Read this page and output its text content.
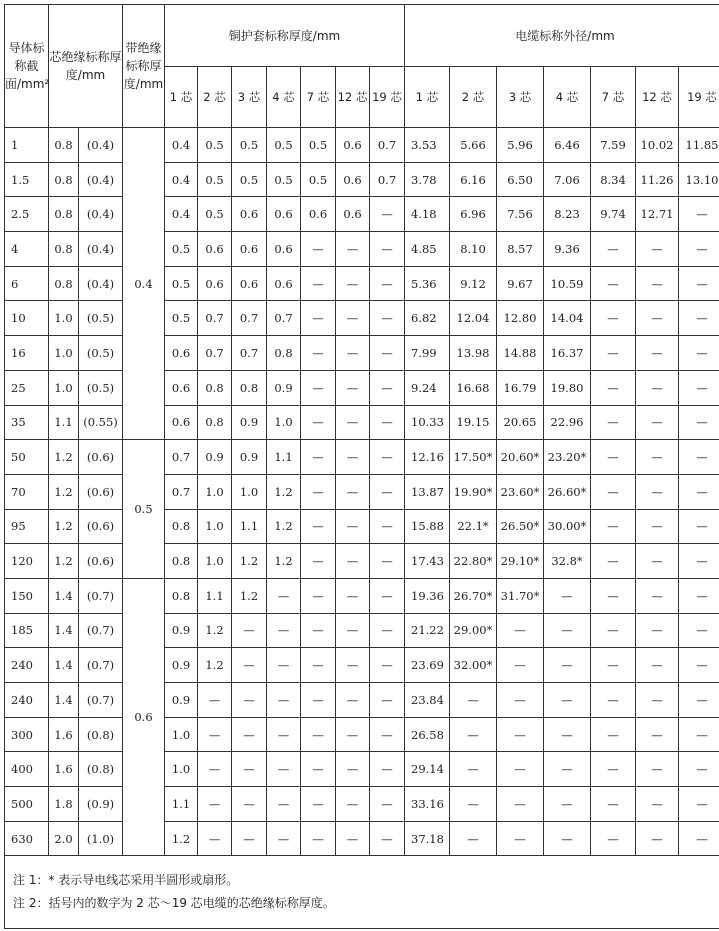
导体标称截面/mm²	芯绝缘标称厚度/mm		带绝缘标称厚度/mm	铜护套标称厚度/mm							电缆标称外径/mm						
				1 芯	2 芯	3 芯	4 芯	7 芯	12 芯	19 芯	1 芯	2 芯	3 芯	4 芯	7 芯	12 芯	19 芯
1	0.8	(0.4)	0.4	0.4	0.5	0.5	0.5	0.5	0.6	0.7	3.53	5.66	5.96	6.46	7.59	10.02	11.85
1.5	0.8	(0.4)		0.4	0.5	0.5	0.5	0.5	0.6	0.7	3.78	6.16	6.50	7.06	8.34	11.26	13.10
2.5	0.8	(0.4)		0.4	0.5	0.6	0.6	0.6	0.6	—	4.18	6.96	7.56	8.23	9.74	12.71	—
4	0.8	(0.4)		0.5	0.6	0.6	0.6	—	—	—	4.85	8.10	8.57	9.36	—	—	—
6	0.8	(0.4)		0.5	0.6	0.6	0.6	—	—	—	5.36	9.12	9.67	10.59	—	—	—
10	1.0	(0.5)		0.5	0.7	0.7	0.7	—	—	—	6.82	12.04	12.80	14.04	—	—	—
16	1.0	(0.5)		0.6	0.7	0.7	0.8	—	—	—	7.99	13.98	14.88	16.37	—	—	—
25	1.0	(0.5)		0.6	0.8	0.8	0.9	—	—	—	9.24	16.68	16.79	19.80	—	—	—
35	1.1	(0.55)		0.6	0.8	0.9	1.0	—	—	—	10.33	19.15	20.65	22.96	—	—	—
50	1.2	(0.6)	0.5	0.7	0.9	0.9	1.1	—	—	—	12.16	17.50*	20.60*	23.20*	—	—	—
70	1.2	(0.6)		0.7	1.0	1.0	1.2	—	—	—	13.87	19.90*	23.60*	26.60*	—	—	—
95	1.2	(0.6)		0.8	1.0	1.1	1.2	—	—	—	15.88	22.1*	26.50*	30.00*	—	—	—
120	1.2	(0.6)		0.8	1.0	1.2	1.2	—	—	—	17.43	22.80*	29.10*	32.8*	—	—	—
150	1.4	(0.7)	0.6	0.8	1.1	1.2	—	—	—	—	19.36	26.70*	31.70*	—	—	—	—
185	1.4	(0.7)		0.9	1.2	—	—	—	—	—	21.22	29.00*	—	—	—	—	—
240	1.4	(0.7)		0.9	1.2	—	—	—	—	—	23.69	32.00*	—	—	—	—	—
240	1.4	(0.7)		0.9	—	—	—	—	—	—	23.84	—	—	—	—	—	—
300	1.6	(0.8)		1.0	—	—	—	—	—	—	26.58	—	—	—	—	—	—
400	1.6	(0.8)		1.0	—	—	—	—	—	—	29.14	—	—	—	—	—	—
500	1.8	(0.9)		1.1	—	—	—	—	—	—	33.16	—	—	—	—	—	—
630	2.0	(1.0)		1.2	—	—	—	—	—	—	37.18	—	—	—	—	—	—

注 1：* 表示导电线芯采用半圆形或扇形。
注 2：括号内的数字为 2 芯～19 芯电缆的芯绝缘标称厚度。																	
